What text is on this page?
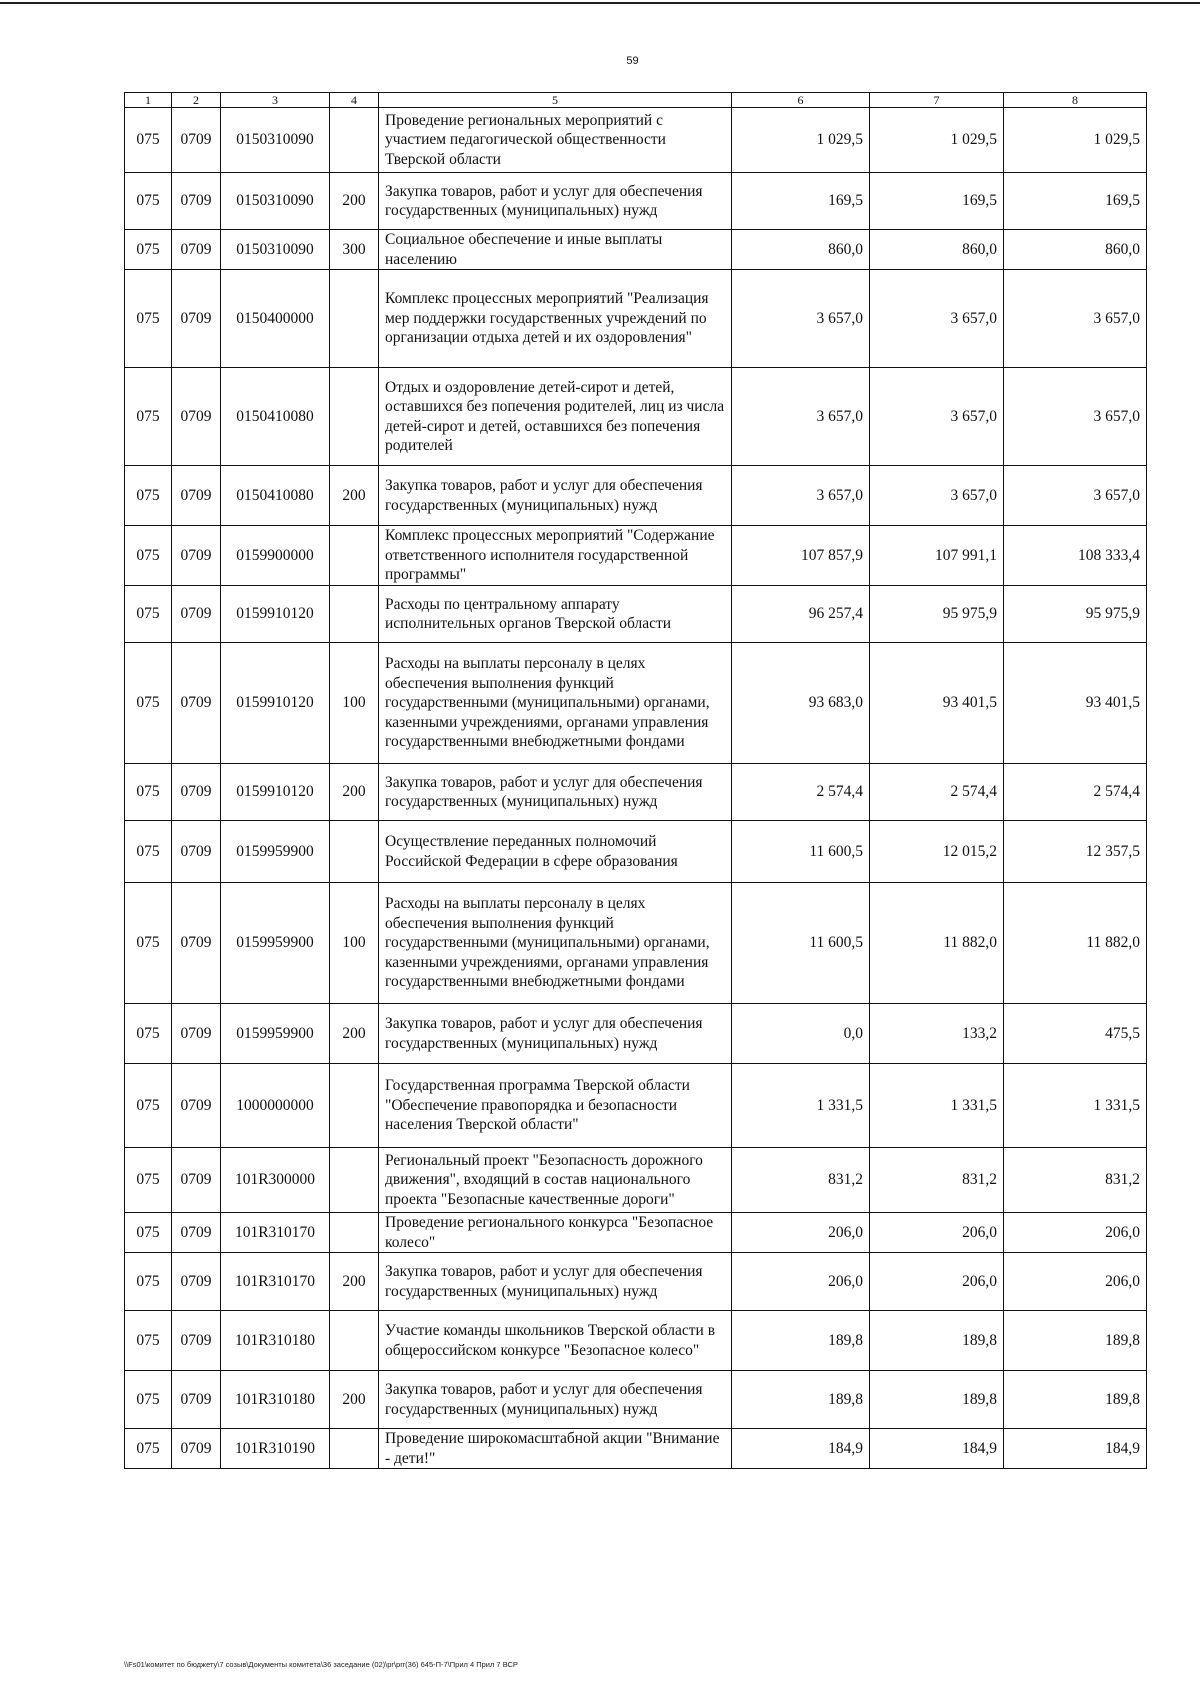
59
1	2	3	4	5	6	7	8
075	0709	0150310090		Проведение региональных мероприятий с участием педагогической общественности Тверской области	1 029,5	1 029,5	1 029,5
075	0709	0150310090	200	Закупка товаров, работ и услуг для обеспечения государственных (муниципальных) нужд	169,5	169,5	169,5
075	0709	0150310090	300	Социальное обеспечение и иные выплаты населению	860,0	860,0	860,0
075	0709	0150400000		Комплекс процессных мероприятий "Реализация мер поддержки государственных учреждений по организации отдыха детей и их оздоровления"	3 657,0	3 657,0	3 657,0
075	0709	0150410080		Отдых и оздоровление детей-сирот и детей, оставшихся без попечения родителей, лиц из числа детей-сирот и детей, оставшихся без попечения родителей	3 657,0	3 657,0	3 657,0
075	0709	0150410080	200	Закупка товаров, работ и услуг для обеспечения государственных (муниципальных) нужд	3 657,0	3 657,0	3 657,0
075	0709	0159900000		Комплекс процессных мероприятий "Содержание ответственного исполнителя государственной программы"	107 857,9	107 991,1	108 333,4
075	0709	0159910120		Расходы по центральному аппарату исполнительных органов Тверской области	96 257,4	95 975,9	95 975,9
075	0709	0159910120	100	Расходы на выплаты персоналу в целях обеспечения выполнения функций государственными (муниципальными) органами, казенными учреждениями, органами управления государственными внебюджетными фондами	93 683,0	93 401,5	93 401,5
075	0709	0159910120	200	Закупка товаров, работ и услуг для обеспечения государственных (муниципальных) нужд	2 574,4	2 574,4	2 574,4
075	0709	0159959900		Осуществление переданных полномочий Российской Федерации в сфере образования	11 600,5	12 015,2	12 357,5
075	0709	0159959900	100	Расходы на выплаты персоналу в целях обеспечения выполнения функций государственными (муниципальными) органами, казенными учреждениями, органами управления государственными внебюджетными фондами	11 600,5	11 882,0	11 882,0
075	0709	0159959900	200	Закупка товаров, работ и услуг для обеспечения государственных (муниципальных) нужд	0,0	133,2	475,5
075	0709	1000000000		Государственная программа Тверской области "Обеспечение правопорядка и безопасности населения Тверской области"	1 331,5	1 331,5	1 331,5
075	0709	101R300000		Региональный проект "Безопасность дорожного движения", входящий в состав национального проекта "Безопасные качественные дороги"	831,2	831,2	831,2
075	0709	101R310170		Проведение регионального конкурса "Безопасное колесо"	206,0	206,0	206,0
075	0709	101R310170	200	Закупка товаров, работ и услуг для обеспечения государственных (муниципальных) нужд	206,0	206,0	206,0
075	0709	101R310180		Участие команды школьников Тверской области в общероссийском конкурсе "Безопасное колесо"	189,8	189,8	189,8
075	0709	101R310180	200	Закупка товаров, работ и услуг для обеспечения государственных (муниципальных) нужд	189,8	189,8	189,8
075	0709	101R310190		Проведение широкомасштабной акции "Внимание - дети!"	184,9	184,9	184,9
\\Fs01\комитет по бюджету\7 созыв\Документы комитета\36 заседание (02)\pr\prr(36) 645-П-7\Прил 4 Прил 7 ВСР
